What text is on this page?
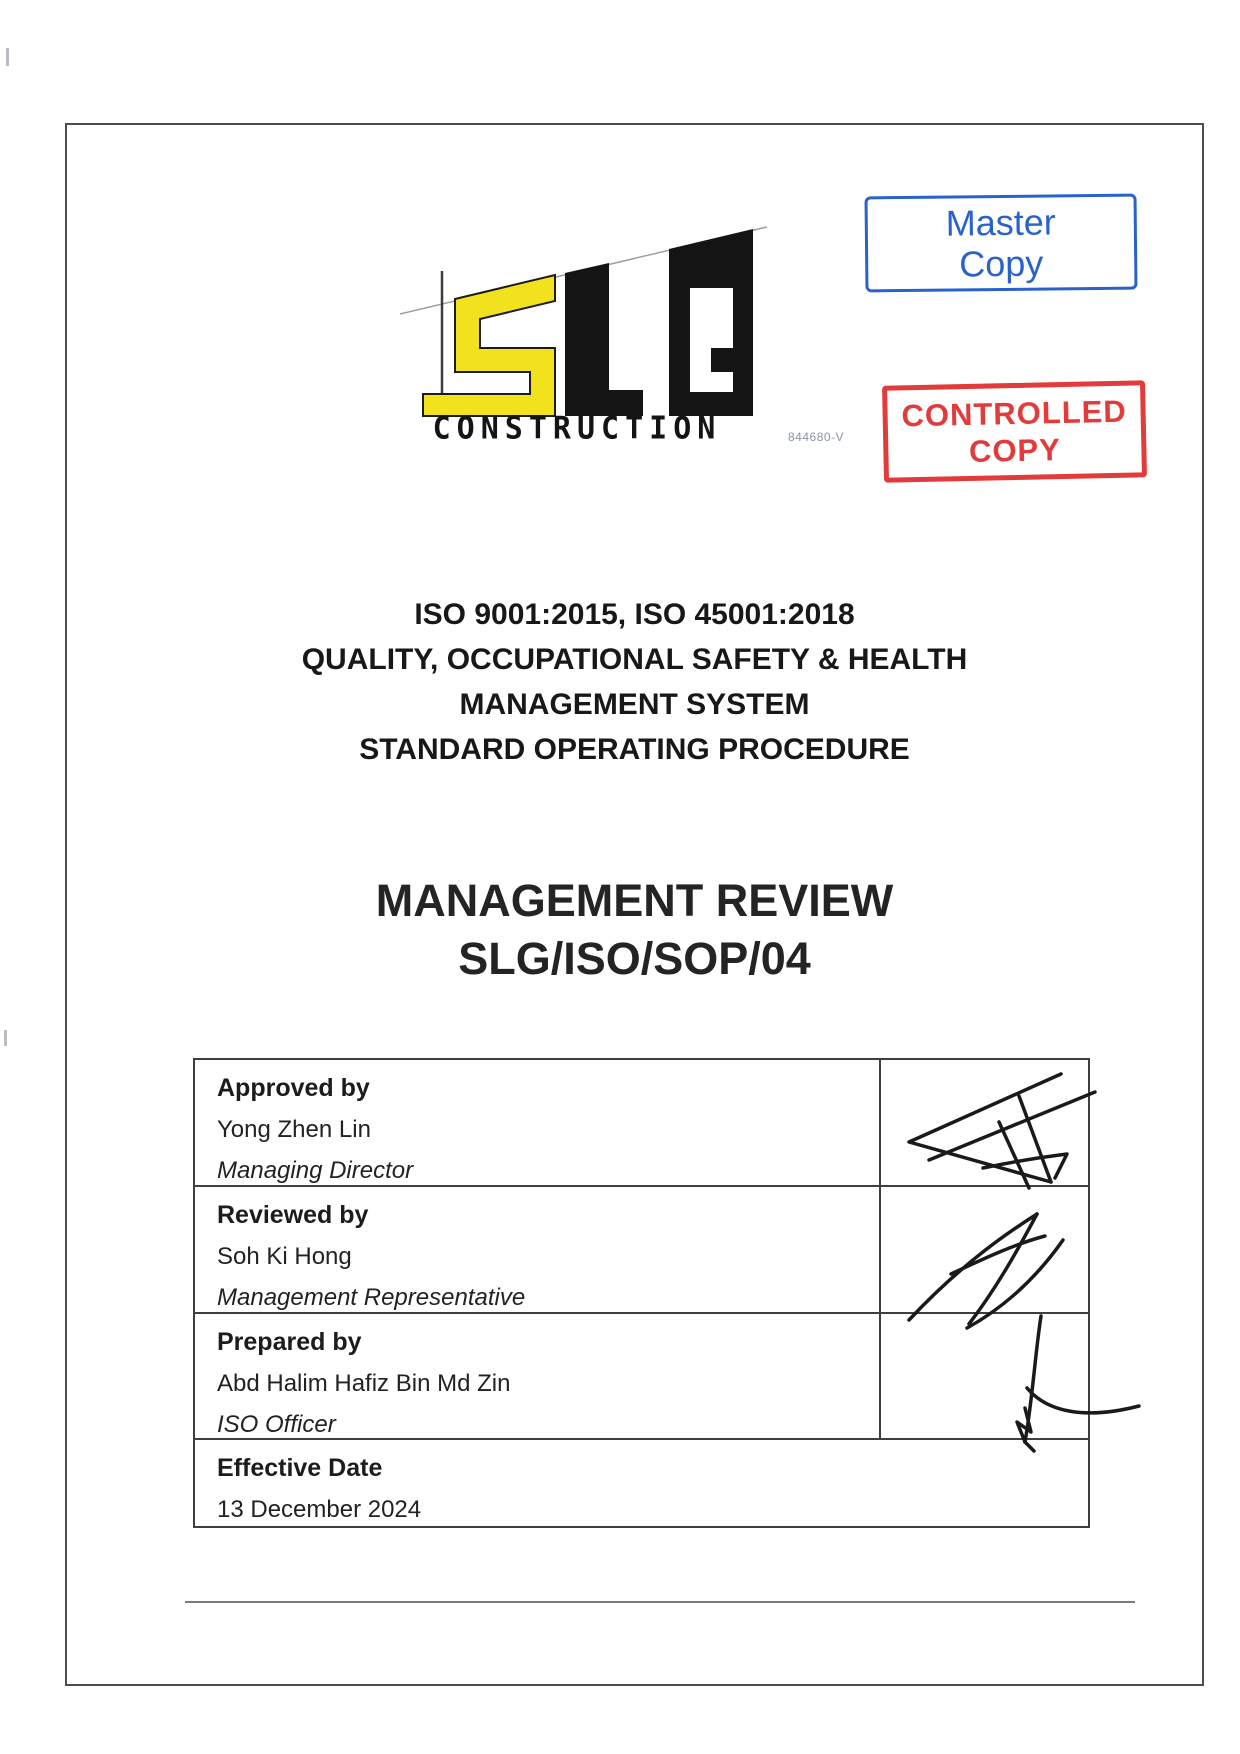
CONSTRUCTION	844680-V
Master
Copy
CONTROLLED
COPY
ISO 9001:2015, ISO 45001:2018
QUALITY, OCCUPATIONAL SAFETY & HEALTH
MANAGEMENT SYSTEM
STANDARD OPERATING PROCEDURE
MANAGEMENT REVIEW
SLG/ISO/SOP/04
Approved by
Yong Zhen Lin
Managing Director
Reviewed by
Soh Ki Hong
Management Representative
Prepared by
Abd Halim Hafiz Bin Md Zin
ISO Officer
Effective Date
13 December 2024
